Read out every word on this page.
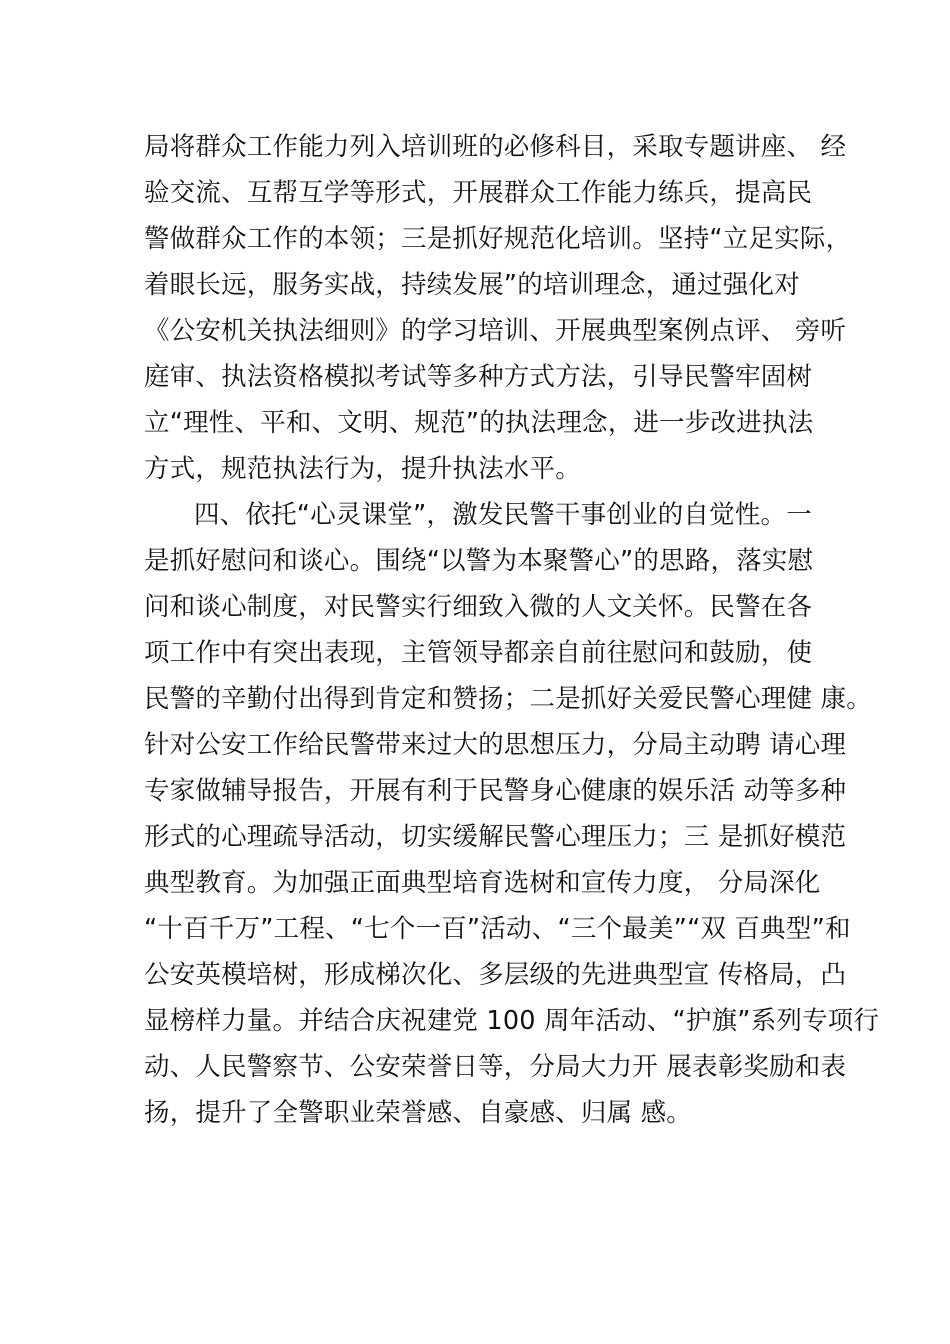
局将群众工作能力列入培训班的必修科目，采取专题讲座、 经
验交流、互帮互学等形式，开展群众工作能力练兵，提高民
警做群众工作的本领；三是抓好规范化培训。坚持“立足实际，
着眼长远，服务实战，持续发展”的培训理念，通过强化对
《公安机关执法细则》的学习培训、开展典型案例点评、 旁听
庭审、执法资格模拟考试等多种方式方法，引导民警牢固树
立“理性、平和、文明、规范”的执法理念，进一步改进执法
方式，规范执法行为，提升执法水平。
四、依托“心灵课堂”，激发民警干事创业的自觉性。一
是抓好慰问和谈心。围绕“以警为本聚警心”的思路，落实慰
问和谈心制度，对民警实行细致入微的人文关怀。民警在各
项工作中有突出表现，主管领导都亲自前往慰问和鼓励，使
民警的辛勤付出得到肯定和赞扬；二是抓好关爱民警心理健 康。
针对公安工作给民警带来过大的思想压力，分局主动聘 请心理
专家做辅导报告，开展有利于民警身心健康的娱乐活 动等多种
形式的心理疏导活动，切实缓解民警心理压力；三 是抓好模范
典型教育。为加强正面典型培育选树和宣传力度， 分局深化
“十百千万”工程、“七个一百”活动、“三个最美”“双 百典型”和
公安英模培树，形成梯次化、多层级的先进典型宣 传格局，凸
显榜样力量。并结合庆祝建党 100 周年活动、“护旗”系列专项行
动、人民警察节、公安荣誉日等，分局大力开 展表彰奖励和表
扬，提升了全警职业荣誉感、自豪感、归属 感。
